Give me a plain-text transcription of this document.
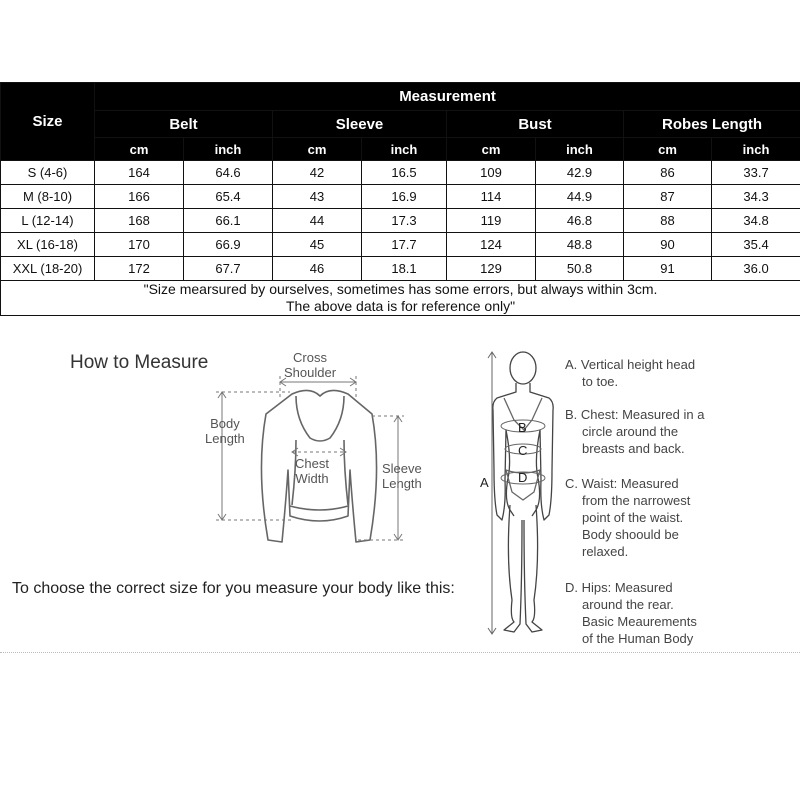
Size	Measurement							
	Belt		Sleeve		Bust		Robes Length	
	cm	inch	cm	inch	cm	inch	cm	inch
S (4-6)	164	64.6	42	16.5	109	42.9	86	33.7
M (8-10)	166	65.4	43	16.9	114	44.9	87	34.3
L (12-14)	168	66.1	44	17.3	119	46.8	88	34.8
XL (16-18)	170	66.9	45	17.7	124	48.8	90	35.4
XXL (18-20)	172	67.7	46	18.1	129	50.8	91	36.0
"Size mearsured by ourselves, sometimes has some errors, but always within 3cm.
The above data is for reference only"								
How to Measure	Cross
Shoulder
Body
Length
Chest
Width
Sleeve
Length	A
B
C
D
A. Vertical height head
to toe.
B. Chest: Measured in a
circle around the
breasts and back.
C. Waist: Measured
from the narrowest
point of the waist.
Body shoould be
relaxed.
D. Hips: Measured
around the rear.
Basic Meaurements
of the Human Body
To choose the correct size for you measure your body like this:
